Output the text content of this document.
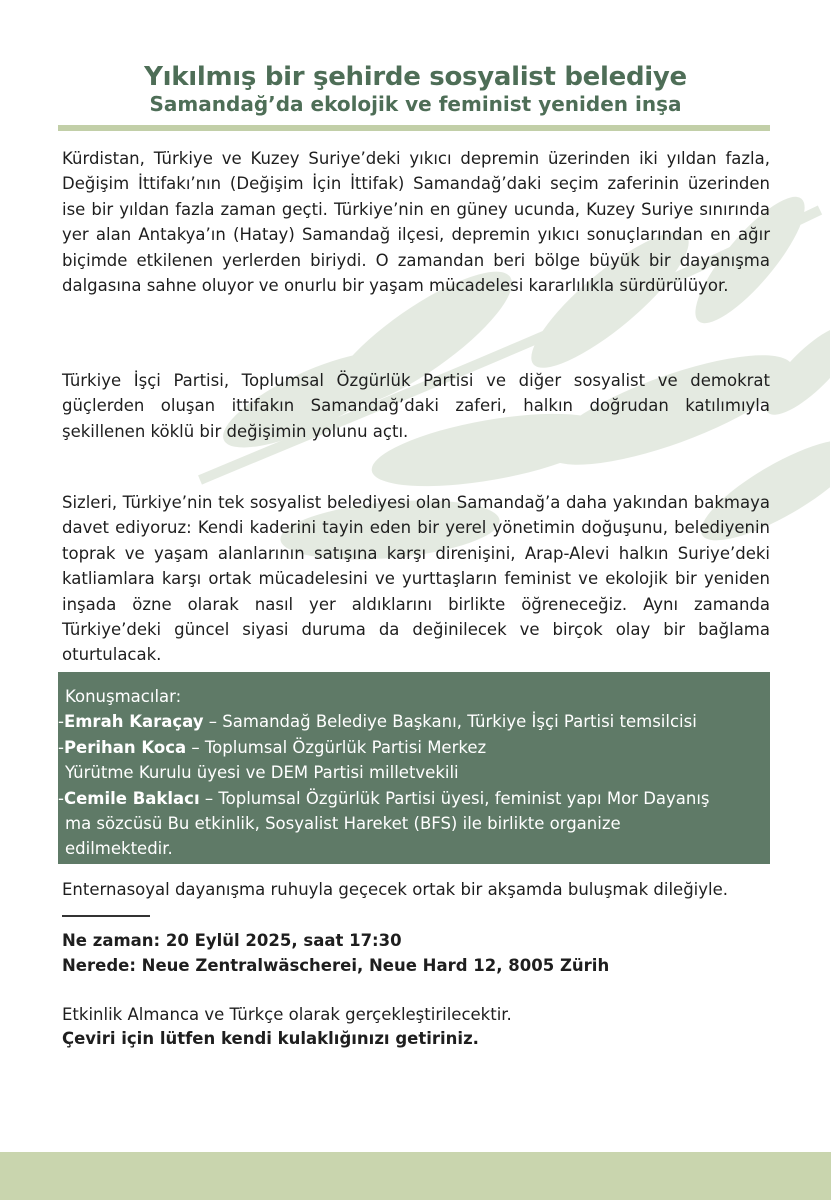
Yıkılmış bir şehirde sosyalist belediye
Samandağ’da ekolojik ve feminist yeniden inşa

Kürdistan, Türkiye ve Kuzey Suriye’deki yıkıcı depremin üzerinden iki yıldan fazla, Değişim İttifakı’nın (Değişim İçin İttifak) Samandağ’daki seçim zaferinin üzerinden ise bir yıldan fazla zaman geçti. Türkiye’nin en güney ucunda, Kuzey Suriye sınırında yer alan Antakya’ın (Hatay) Samandağ ilçesi, depremin yıkıcı sonuçlarından en ağır biçimde etkilenen yerlerden biriydi. O zamandan beri bölge büyük bir dayanışma dalgasına sahne oluyor ve onurlu bir yaşam mücadelesi kararlılıkla sürdürülüyor.

Türkiye İşçi Partisi, Toplumsal Özgürlük Partisi ve diğer sosyalist ve demokrat güçlerden oluşan ittifakın Samandağ’daki zaferi, halkın doğrudan katılımıyla şekillenen köklü bir değişimin yolunu açtı.

Sizleri, Türkiye’nin tek sosyalist belediyesi olan Samandağ’a daha yakından bakmaya davet ediyoruz: Kendi kaderini tayin eden bir yerel yönetimin doğuşunu, belediyenin toprak ve yaşam alanlarının satışına karşı direnişini, Arap-Alevi halkın Suriye’deki katliamlara karşı ortak mücadelesini ve yurttaşların feminist ve ekolojik bir yeniden inşada özne olarak nasıl yer aldıklarını birlikte öğreneceğiz. Aynı zamanda Türkiye’deki güncel siyasi duruma da değinilecek ve birçok olay bir bağlama oturtulacak.

Konuşmacılar:
-Emrah Karaçay – Samandağ Belediye Başkanı, Türkiye İşçi Partisi temsilcisi
-Perihan Koca – Toplumsal Özgürlük Partisi Merkez
Yürütme Kurulu üyesi ve DEM Partisi milletvekili
-Cemile Baklacı – Toplumsal Özgürlük Partisi üyesi, feminist yapı Mor Dayanış
ma sözcüsü Bu etkinlik, Sosyalist Hareket (BFS) ile birlikte organize
edilmektedir.
Enternasoyal dayanışma ruhuyla geçecek ortak bir akşamda buluşmak dileğiyle.
Ne zaman: 20 Eylül 2025, saat 17:30
Nerede: Neue Zentralwäscherei, Neue Hard 12, 8005 Zürih
Etkinlik Almanca ve Türkçe olarak gerçekleştirilecektir.
Çeviri için lütfen kendi kulaklığınızı getiriniz.
